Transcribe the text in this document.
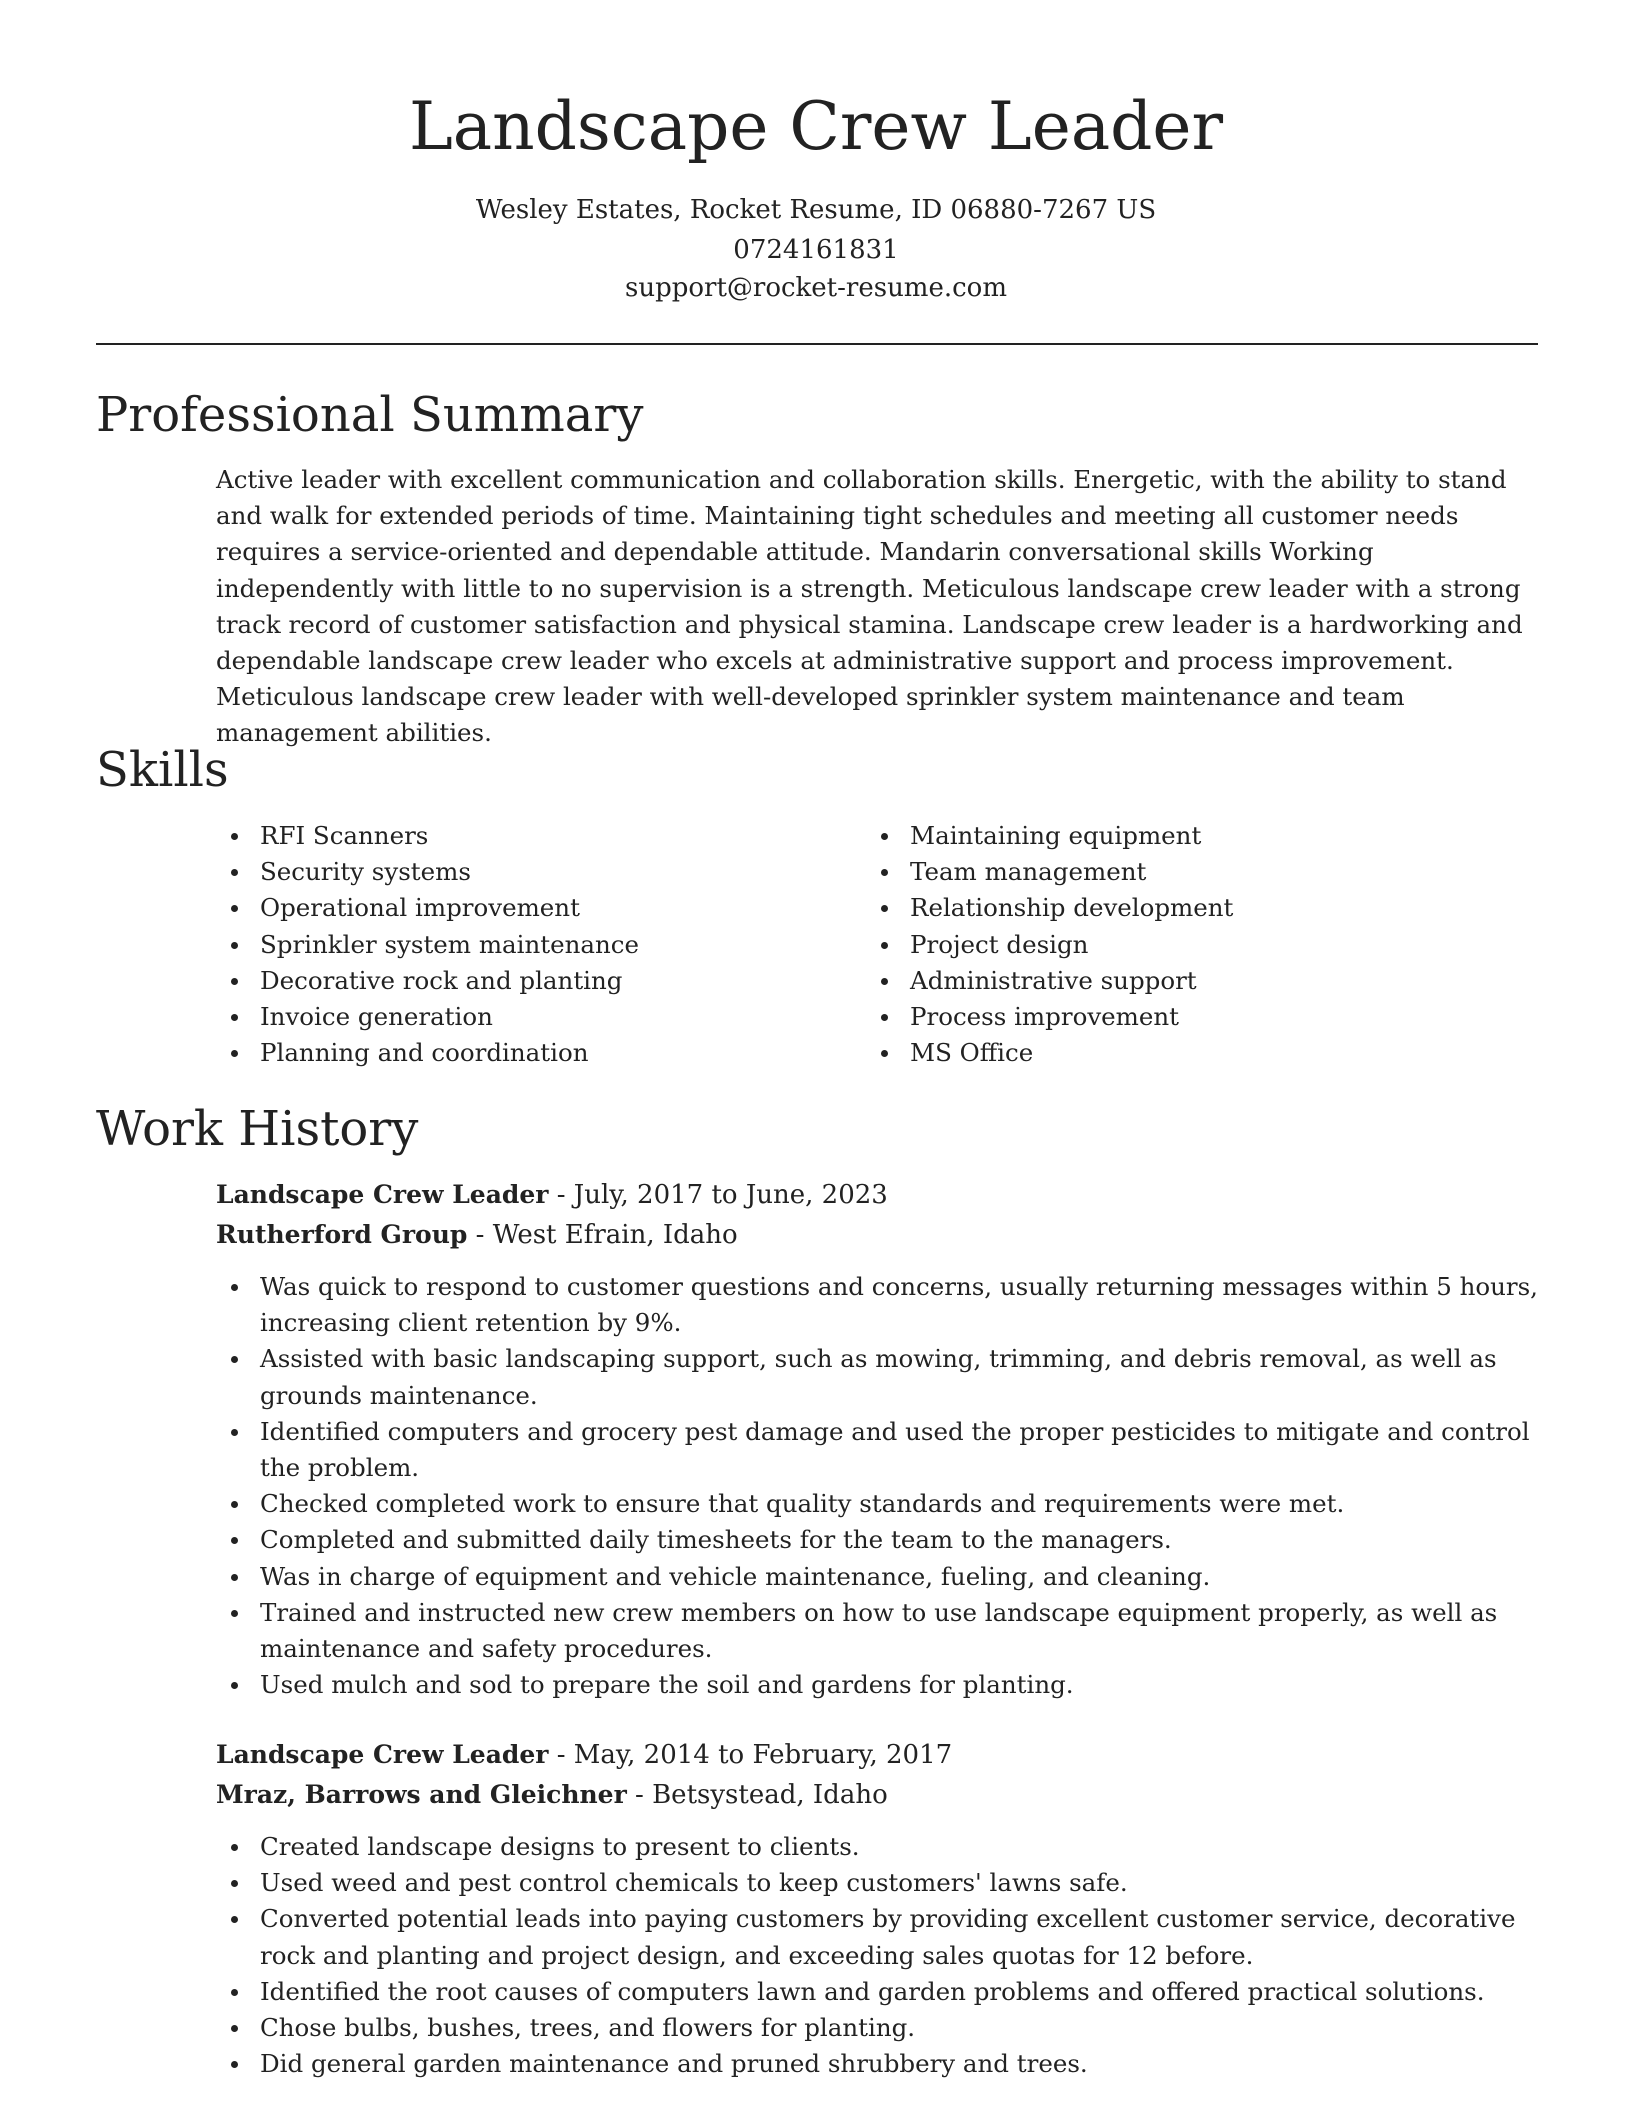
Landscape Crew Leader
Wesley Estates, Rocket Resume, ID 06880-7267 US
0724161831
support@rocket-resume.com
Professional Summary

Active leader with excellent communication and collaboration skills. Energetic, with the ability to stand and walk for extended periods of time. Maintaining tight schedules and meeting all customer needs requires a service-oriented and dependable attitude. Mandarin conversational skills Working independently with little to no supervision is a strength. Meticulous landscape crew leader with a strong track record of customer satisfaction and physical stamina. Landscape crew leader is a hardworking and dependable landscape crew leader who excels at administrative support and process improvement. Meticulous landscape crew leader with well-developed sprinkler system maintenance and team management abilities.

Skills
RFI Scanners
Security systems
Operational improvement
Sprinkler system maintenance
Decorative rock and planting
Invoice generation
Planning and coordination
Maintaining equipment
Team management
Relationship development
Project design
Administrative support
Process improvement
MS Office
Work History
Landscape Crew Leader - July, 2017 to June, 2023
Rutherford Group - West Efrain, Idaho
Was quick to respond to customer questions and concerns, usually returning messages within 5 hours, increasing client retention by 9%.
Assisted with basic landscaping support, such as mowing, trimming, and debris removal, as well as grounds maintenance.
Identified computers and grocery pest damage and used the proper pesticides to mitigate and control the problem.
Checked completed work to ensure that quality standards and requirements were met.
Completed and submitted daily timesheets for the team to the managers.
Was in charge of equipment and vehicle maintenance, fueling, and cleaning.
Trained and instructed new crew members on how to use landscape equipment properly, as well as maintenance and safety procedures.
Used mulch and sod to prepare the soil and gardens for planting.
Landscape Crew Leader - May, 2014 to February, 2017
Mraz, Barrows and Gleichner - Betsystead, Idaho
Created landscape designs to present to clients.
Used weed and pest control chemicals to keep customers' lawns safe.
Converted potential leads into paying customers by providing excellent customer service, decorative rock and planting and project design, and exceeding sales quotas for 12 before.
Identified the root causes of computers lawn and garden problems and offered practical solutions.
Chose bulbs, bushes, trees, and flowers for planting.
Did general garden maintenance and pruned shrubbery and trees.
